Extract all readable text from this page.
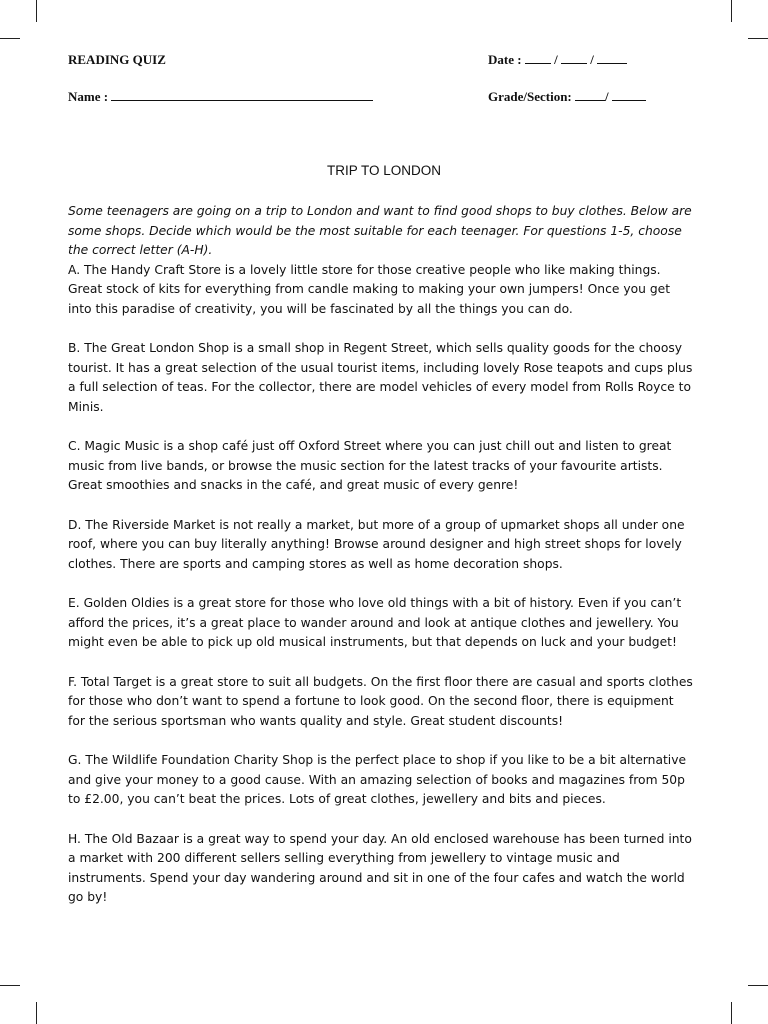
READING QUIZ	Date :	/	/
Name :	Grade/Section:	/
TRIP TO LONDON

Some teenagers are going on a trip to London and want to find good shops to buy clothes. Below are some shops. Decide which would be the most suitable for each teenager. For questions 1-5, choose the correct letter (A-H).

A. The Handy Craft Store is a lovely little store for those creative people who like making things. Great stock of kits for everything from candle making to making your own jumpers! Once you get into this paradise of creativity, you will be fascinated by all the things you can do.

B. The Great London Shop is a small shop in Regent Street, which sells quality goods for the choosy tourist. It has a great selection of the usual tourist items, including lovely Rose teapots and cups plus a full selection of teas. For the collector, there are model vehicles of every model from Rolls Royce to Minis.

C. Magic Music is a shop café just off Oxford Street where you can just chill out and listen to great music from live bands, or browse the music section for the latest tracks of your favourite artists. Great smoothies and snacks in the café, and great music of every genre!

D. The Riverside Market is not really a market, but more of a group of upmarket shops all under one roof, where you can buy literally anything! Browse around designer and high street shops for lovely clothes. There are sports and camping stores as well as home decoration shops.

E. Golden Oldies is a great store for those who love old things with a bit of history. Even if you can’t afford the prices, it’s a great place to wander around and look at antique clothes and jewellery. You might even be able to pick up old musical instruments, but that depends on luck and your budget!

F. Total Target is a great store to suit all budgets. On the first floor there are casual and sports clothes for those who don’t want to spend a fortune to look good. On the second floor, there is equipment for the serious sportsman who wants quality and style. Great student discounts!

G. The Wildlife Foundation Charity Shop is the perfect place to shop if you like to be a bit alternative and give your money to a good cause. With an amazing selection of books and magazines from 50p to £2.00, you can’t beat the prices. Lots of great clothes, jewellery and bits and pieces.

H. The Old Bazaar is a great way to spend your day. An old enclosed warehouse has been turned into a market with 200 different sellers selling everything from jewellery to vintage music and instruments. Spend your day wandering around and sit in one of the four cafes and watch the world go by!
